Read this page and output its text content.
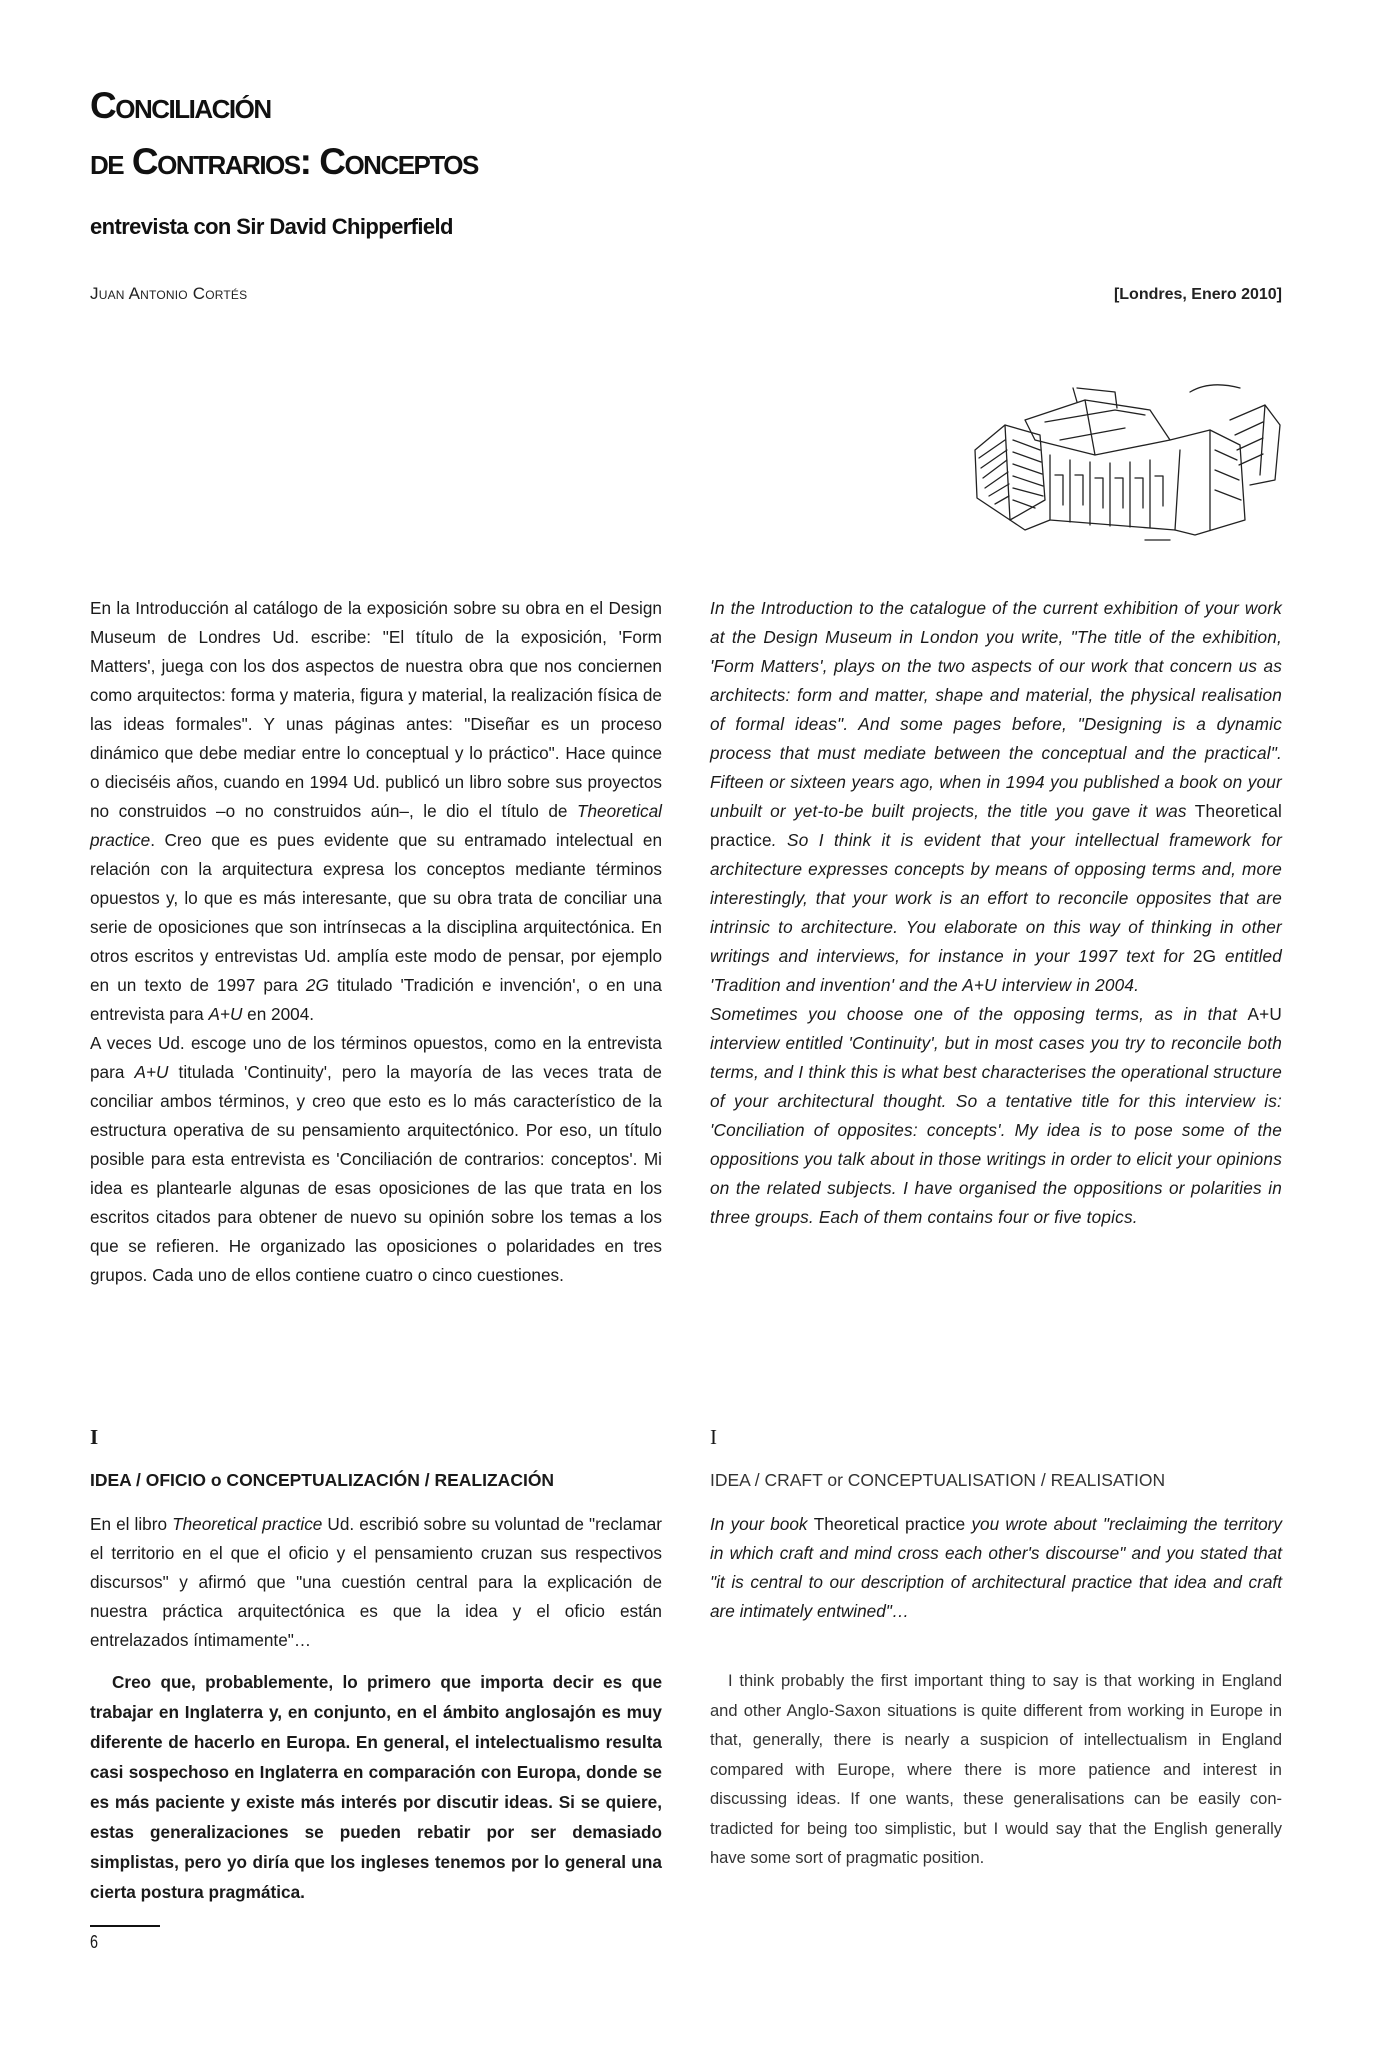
Conciliación
de Contrarios: Conceptos
entrevista con Sir David Chipperfield
Juan Antonio Cortés	[Londres, Enero 2010]

En la Introducción al catálogo de la exposición sobre su obra en el Design Museum de Londres Ud. escribe: "El título de la exposición, 'Form Matters', juega con los dos aspectos de nuestra obra que nos conciernen como arquitectos: forma y materia, figura y material, la realización física de las ideas formales". Y unas páginas antes: "Diseñar es un proceso dinámico que debe mediar entre lo conceptual y lo práctico". Hace quince o dieciséis años, cuando en 1994 Ud. publicó un libro sobre sus proyectos no construidos –o no construidos aún–, le dio el título de Theoretical practice. Creo que es pues evidente que su entramado intelectual en relación con la arquitectura expresa los conceptos mediante términos opuestos y, lo que es más interesante, que su obra trata de conciliar una serie de oposiciones que son intrínsecas a la disciplina arquitectónica. En otros escritos y entrevistas Ud. amplía este modo de pensar, por ejemplo en un texto de 1997 para 2G titulado 'Tradición e invención', o en una entrevista para A+U en 2004.

A veces Ud. escoge uno de los términos opuestos, como en la entrevista para A+U titulada 'Continuity', pero la mayoría de las veces trata de conciliar ambos términos, y creo que esto es lo más característico de la estructura operativa de su pensamiento arquitectónico. Por eso, un título posible para esta entrevista es 'Conciliación de contrarios: conceptos'. Mi idea es plantearle algunas de esas oposiciones de las que trata en los escritos citados para obtener de nuevo su opinión sobre los temas a los que se refieren. He organizado las oposiciones o polaridades en tres grupos. Cada uno de ellos contiene cuatro o cinco cuestiones.

In the Introduction to the catalogue of the current exhibition of your work at the Design Museum in London you write, "The title of the exhibition, 'Form Matters', plays on the two aspects of our work that concern us as architects: form and matter, shape and material, the physical realisation of formal ideas". And some pages before, "Designing is a dynamic process that must mediate between the conceptual and the practical". Fifteen or sixteen years ago, when in 1994 you published a book on your unbuilt or yet-to-be built projects, the title you gave it was Theoretical practice. So I think it is evident that your intellectual framework for architecture expresses concepts by means of opposing terms and, more interestingly, that your work is an effort to reconcile opposites that are intrinsic to architecture. You elaborate on this way of thinking in other writings and interviews, for instance in your 1997 text for 2G entitled 'Tradition and invention' and the A+U interview in 2004.

Sometimes you choose one of the opposing terms, as in that A+U interview entitled 'Continuity', but in most cases you try to reconcile both terms, and I think this is what best characterises the operational structure of your architectural thought. So a tentative title for this interview is: 'Conciliation of opposites: concepts'. My idea is to pose some of the oppositions you talk about in those writings in order to elicit your opinions on the related subjects. I have organised the oppositions or polarities in three groups. Each of them contains four or five topics.

I	I
IDEA / OFICIO o CONCEPTUALIZACIÓN / REALIZACIÓN	IDEA / CRAFT or CONCEPTUALISATION / REALISATION

En el libro Theoretical practice Ud. escribió sobre su voluntad de "reclamar el territorio en el que el oficio y el pensamiento cruzan sus respectivos discursos" y afirmó que "una cuestión central para la explicación de nuestra práctica arquitectónica es que la idea y el oficio están entrelazados íntimamente"…

In your book Theoretical practice you wrote about "reclaiming the territory in which craft and mind cross each other's discourse" and you stated that "it is central to our description of architectural practice that idea and craft are intimately entwined"…

Creo que, probablemente, lo primero que importa decir es que trabajar en Inglaterra y, en conjunto, en el ámbito anglosajón es muy diferente de hacerlo en Europa. En general, el intelectualismo resulta casi sospechoso en Inglaterra en comparación con Europa, donde se es más paciente y existe más interés por discutir ideas. Si se quiere, estas generalizaciones se pueden rebatir por ser demasiado simplistas, pero yo diría que los ingleses tenemos por lo general una cierta postura pragmática.

I think probably the first important thing to say is that working in England and other Anglo-Saxon situations is quite different from working in Europe in that, generally, there is nearly a suspicion of intellectualism in England compared with Europe, where there is more patience and interest in discussing ideas. If one wants, these generalisations can be easily contradicted for being too simplistic, but I would say that the English generally have some sort of pragmatic position.

6
